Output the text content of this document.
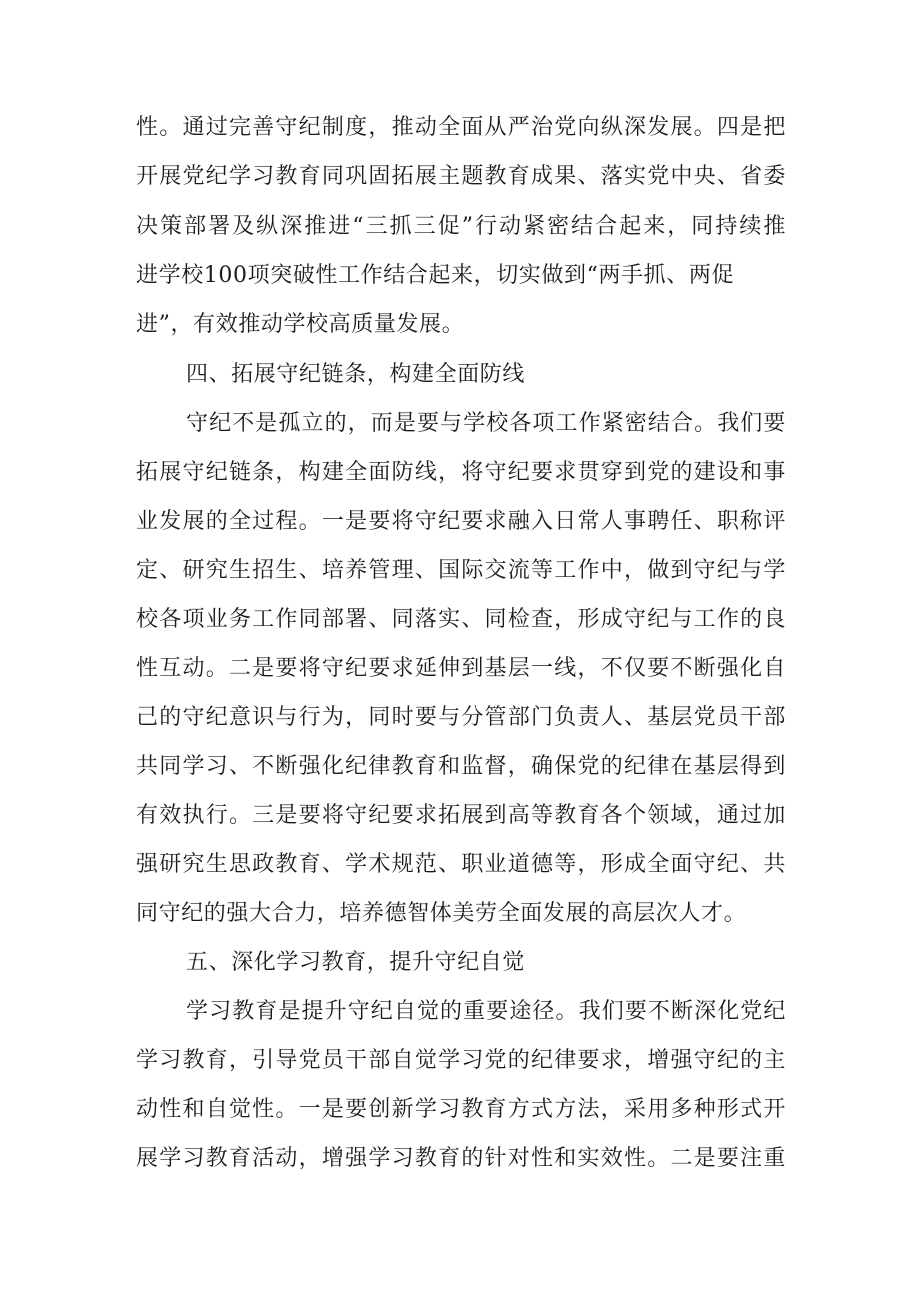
性。通过完善守纪制度，推动全面从严治党向纵深发展。四是把
开展党纪学习教育同巩固拓展主题教育成果、落实党中央、省委
决策部署及纵深推进“三抓三促”行动紧密结合起来，同持续推
进学校100项突破性工作结合起来，切实做到“两手抓、两促
进”，有效推动学校高质量发展。
四、拓展守纪链条，构建全面防线
守纪不是孤立的，而是要与学校各项工作紧密结合。我们要
拓展守纪链条，构建全面防线，将守纪要求贯穿到党的建设和事
业发展的全过程。一是要将守纪要求融入日常人事聘任、职称评
定、研究生招生、培养管理、国际交流等工作中，做到守纪与学
校各项业务工作同部署、同落实、同检查，形成守纪与工作的良
性互动。二是要将守纪要求延伸到基层一线，不仅要不断强化自
己的守纪意识与行为，同时要与分管部门负责人、基层党员干部
共同学习、不断强化纪律教育和监督，确保党的纪律在基层得到
有效执行。三是要将守纪要求拓展到高等教育各个领域，通过加
强研究生思政教育、学术规范、职业道德等，形成全面守纪、共
同守纪的强大合力，培养德智体美劳全面发展的高层次人才。
五、深化学习教育，提升守纪自觉
学习教育是提升守纪自觉的重要途径。我们要不断深化党纪
学习教育，引导党员干部自觉学习党的纪律要求，增强守纪的主
动性和自觉性。一是要创新学习教育方式方法，采用多种形式开
展学习教育活动，增强学习教育的针对性和实效性。二是要注重
